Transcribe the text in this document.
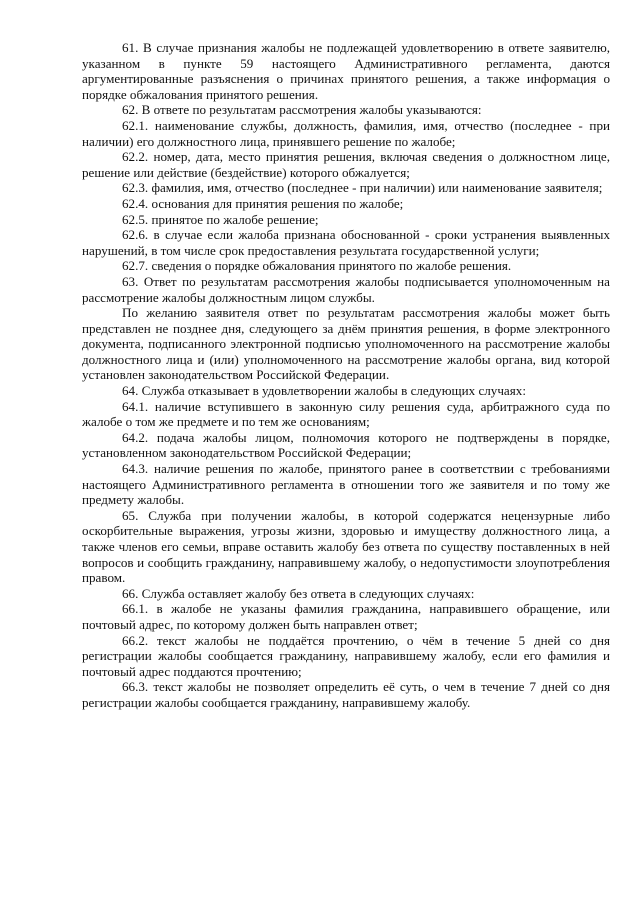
61. В случае признания жалобы не подлежащей удовлетворению в ответе заявителю, указанном в пункте 59 настоящего Административного регламента, даются аргументированные разъяснения о причинах принятого решения, а также информация о порядке обжалования принятого решения.

62. В ответе по результатам рассмотрения жалобы указываются:

62.1. наименование службы, должность, фамилия, имя, отчество (последнее - при наличии) его должностного лица, принявшего решение по жалобе;

62.2. номер, дата, место принятия решения, включая сведения о должностном лице, решение или действие (бездействие) которого обжалуется;

62.3. фамилия, имя, отчество (последнее - при наличии) или наименование заявителя;

62.4. основания для принятия решения по жалобе;

62.5. принятое по жалобе решение;

62.6. в случае если жалоба признана обоснованной - сроки устранения выявленных нарушений, в том числе срок предоставления результата государственной услуги;

62.7. сведения о порядке обжалования принятого по жалобе решения.

63. Ответ по результатам рассмотрения жалобы подписывается уполномоченным на рассмотрение жалобы должностным лицом службы.

По желанию заявителя ответ по результатам рассмотрения жалобы может быть представлен не позднее дня, следующего за днём принятия решения, в форме электронного документа, подписанного электронной подписью уполномоченного на рассмотрение жалобы должностного лица и (или) уполномоченного на рассмотрение жалобы органа, вид которой установлен законодательством Российской Федерации.

64. Служба отказывает в удовлетворении жалобы в следующих случаях:

64.1. наличие вступившего в законную силу решения суда, арбитражного суда по жалобе о том же предмете и по тем же основаниям;

64.2. подача жалобы лицом, полномочия которого не подтверждены в порядке, установленном законодательством Российской Федерации;

64.3. наличие решения по жалобе, принятого ранее в соответствии с требованиями настоящего Административного регламента в отношении того же заявителя и по тому же предмету жалобы.

65. Служба при получении жалобы, в которой содержатся нецензурные либо оскорбительные выражения, угрозы жизни, здоровью и имуществу должностного лица, а также членов его семьи, вправе оставить жалобу без ответа по существу поставленных в ней вопросов и сообщить гражданину, направившему жалобу, о недопустимости злоупотребления правом.

66. Служба оставляет жалобу без ответа в следующих случаях:

66.1. в жалобе не указаны фамилия гражданина, направившего обращение, или почтовый адрес, по которому должен быть направлен ответ;

66.2. текст жалобы не поддаётся прочтению, о чём в течение 5 дней со дня регистрации жалобы сообщается гражданину, направившему жалобу, если его фамилия и почтовый адрес поддаются прочтению;

66.3. текст жалобы не позволяет определить её суть, о чем в течение 7 дней со дня регистрации жалобы сообщается гражданину, направившему жалобу.
